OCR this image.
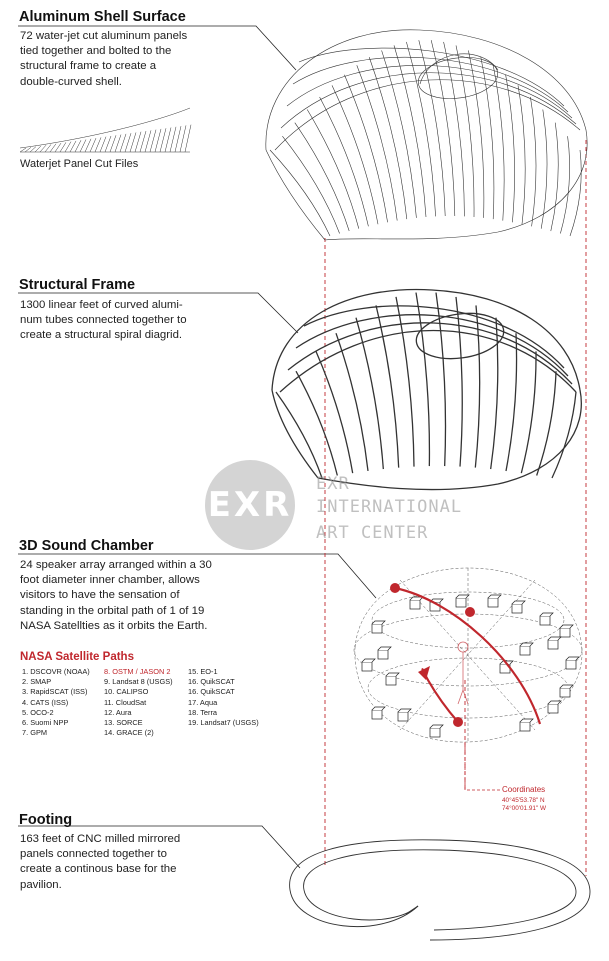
Aluminum Shell Surface

72 water-jet cut aluminum panels
tied together and bolted to the
structural frame to create a
double-curved shell.

Waterjet Panel Cut Files
Structural Frame

1300 linear feet of curved alumi-
num tubes connected together to
create a structural spiral diagrid.

3D Sound Chamber

24 speaker array arranged within a 30
foot diameter inner chamber, allows
visitors to have the sensation of
standing in the orbital path of 1 of 19
NASA Satellties as it orbits the Earth.

Footing

163 feet of CNC milled mirrored
panels connected together to
create a continous base for the
pavilion.

NASA Satellite Paths
1. DSCOVR (NOAA)
2. SMAP
3. RapidSCAT (ISS)
4. CATS (ISS)
5. OCO-2
6. Suomi NPP
7. GPM
8. OSTM / JASON 2
9. Landsat 8 (USGS)
10. CALIPSO
11. CloudSat
12. Aura
13. SORCE
14. GRACE (2)
15. EO-1
16. QuikSCAT
16. QuikSCAT
17. Aqua
18. Terra
19. Landsat7 (USGS)
Coordinates
40°45'53.78" N
74°00'01.91" W
EXR
EXR
INTERNATIONAL
ART CENTER
